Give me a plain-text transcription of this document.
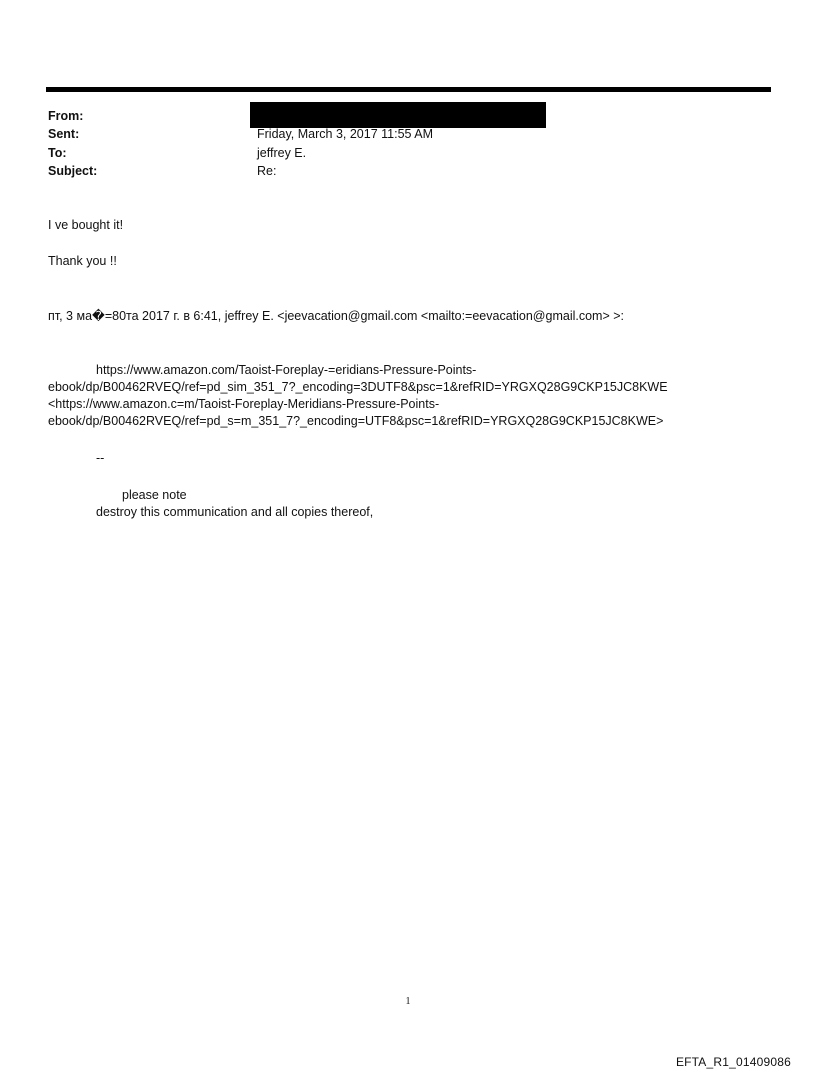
From:
Sent:	Friday, March 3, 2017 11:55 AM
To:	jeffrey E.
Subject:	Re:
I ve bought it!
Thank you !!
пт, 3 ма�=80та 2017 г. в 6:41, jeffrey E. <jeevacation@gmail.com <mailto:=eevacation@gmail.com> >:
https://www.amazon.com/Taoist-Foreplay-=eridians-Pressure-Points-
ebook/dp/B00462RVEQ/ref=pd_sim_351_7?_encoding=3DUTF8&psc=1&refRID=YRGXQ28G9CKP15JC8KWE
<https://www.amazon.c=m/Taoist-Foreplay-Meridians-Pressure-Points-
ebook/dp/B00462RVEQ/ref=pd_s=m_351_7?_encoding=UTF8&psc=1&refRID=YRGXQ28G9CKP15JC8KWE>
--
please note
destroy this communication and all copies thereof,
1
EFTA_R1_01409086
